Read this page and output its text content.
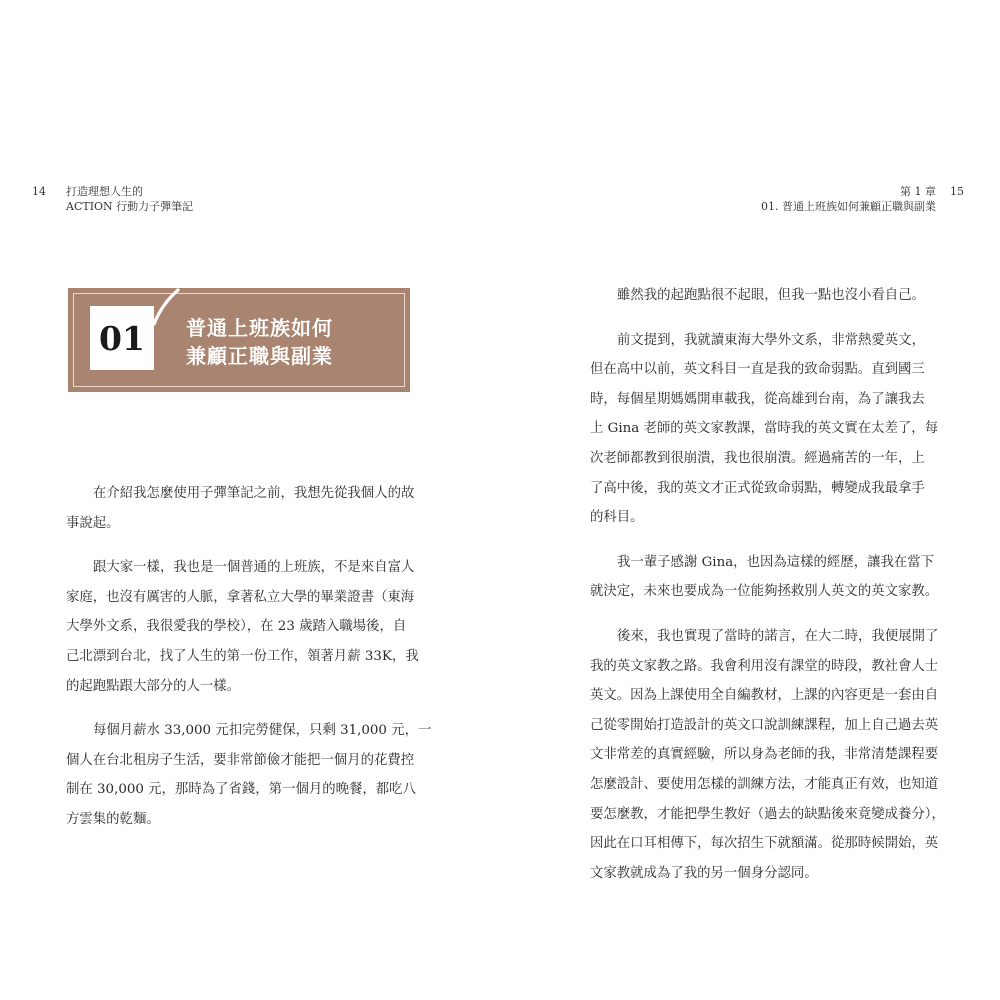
14 打造理想人生的
ACTION 行動力子彈筆記
第 1 章 15
01. 普通上班族如何兼顧正職與副業
01	普通上班族如何
兼顧正職與副業

在介紹我怎麼使用子彈筆記之前，我想先從我個人的故
事說起。

跟大家一樣，我也是一個普通的上班族，不是來自富人
家庭，也沒有厲害的人脈，拿著私立大學的畢業證書（東海
大學外文系，我很愛我的學校），在 23 歲踏入職場後，自
己北漂到台北，找了人生的第一份工作，領著月薪 33K，我
的起跑點跟大部分的人一樣。

每個月薪水 33,000 元扣完勞健保，只剩 31,000 元，一
個人在台北租房子生活，要非常節儉才能把一個月的花費控
制在 30,000 元，那時為了省錢，第一個月的晚餐，都吃八
方雲集的乾麵。

雖然我的起跑點很不起眼，但我一點也沒小看自己。

前文提到，我就讀東海大學外文系，非常熱愛英文，
但在高中以前，英文科目一直是我的致命弱點。直到國三
時，每個星期媽媽開車載我，從高雄到台南，為了讓我去
上 Gina 老師的英文家教課，當時我的英文實在太差了，每
次老師都教到很崩潰，我也很崩潰。經過痛苦的一年，上
了高中後，我的英文才正式從致命弱點，轉變成我最拿手
的科目。

我一輩子感謝 Gina，也因為這樣的經歷，讓我在當下
就決定，未來也要成為一位能夠拯救別人英文的英文家教。

後來，我也實現了當時的諾言，在大二時，我便展開了
我的英文家教之路。我會利用沒有課堂的時段，教社會人士
英文。因為上課使用全自編教材，上課的內容更是一套由自
己從零開始打造設計的英文口說訓練課程，加上自己過去英
文非常差的真實經驗，所以身為老師的我，非常清楚課程要
怎麼設計、要使用怎樣的訓練方法，才能真正有效，也知道
要怎麼教，才能把學生教好（過去的缺點後來竟變成養分），
因此在口耳相傳下，每次招生下就額滿。從那時候開始，英
文家教就成為了我的另一個身分認同。
